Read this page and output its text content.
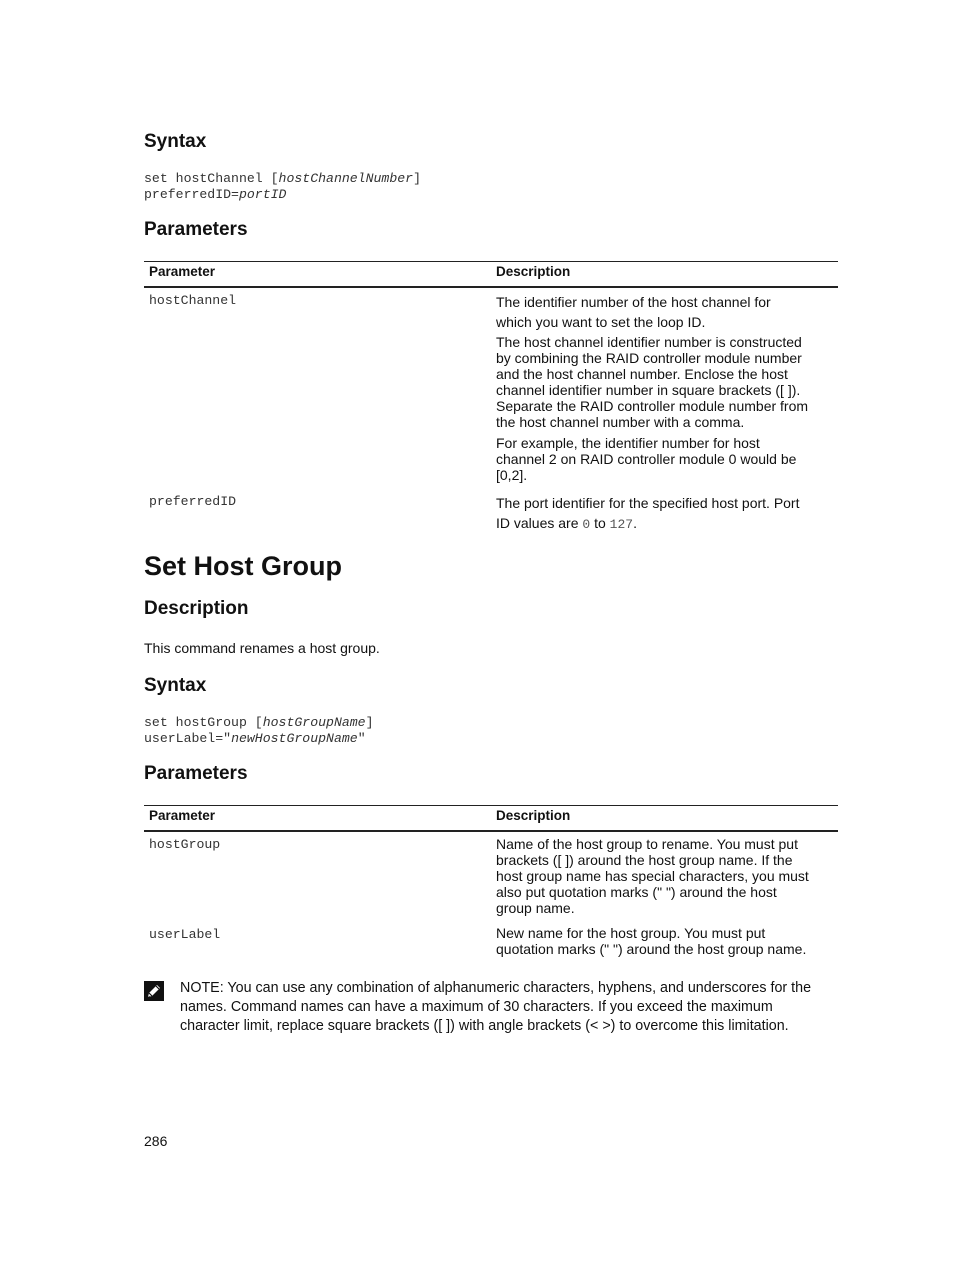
Syntax
set hostChannel [hostChannelNumber]
preferredID=portID
Parameters
Parameter	Description
hostChannel	The identifier number of the host channel for
which you want to set the loop ID.
The host channel identifier number is constructed
by combining the RAID controller module number
and the host channel number. Enclose the host
channel identifier number in square brackets ([ ]).
Separate the RAID controller module number from
the host channel number with a comma.
For example, the identifier number for host
channel 2 on RAID controller module 0 would be
[0,2].
preferredID	The port identifier for the specified host port. Port
ID values are 0 to 127.
Set Host Group
Description
This command renames a host group.
Syntax
set hostGroup [hostGroupName]
userLabel="newHostGroupName"
Parameters
Parameter	Description
hostGroup	Name of the host group to rename. You must put
brackets ([ ]) around the host group name. If the
host group name has special characters, you must
also put quotation marks (" ") around the host
group name.
userLabel	New name for the host group. You must put
quotation marks (" ") around the host group name.
NOTE: You can use any combination of alphanumeric characters, hyphens, and underscores for the
names. Command names can have a maximum of 30 characters. If you exceed the maximum
character limit, replace square brackets ([ ]) with angle brackets (< >) to overcome this limitation.
286
